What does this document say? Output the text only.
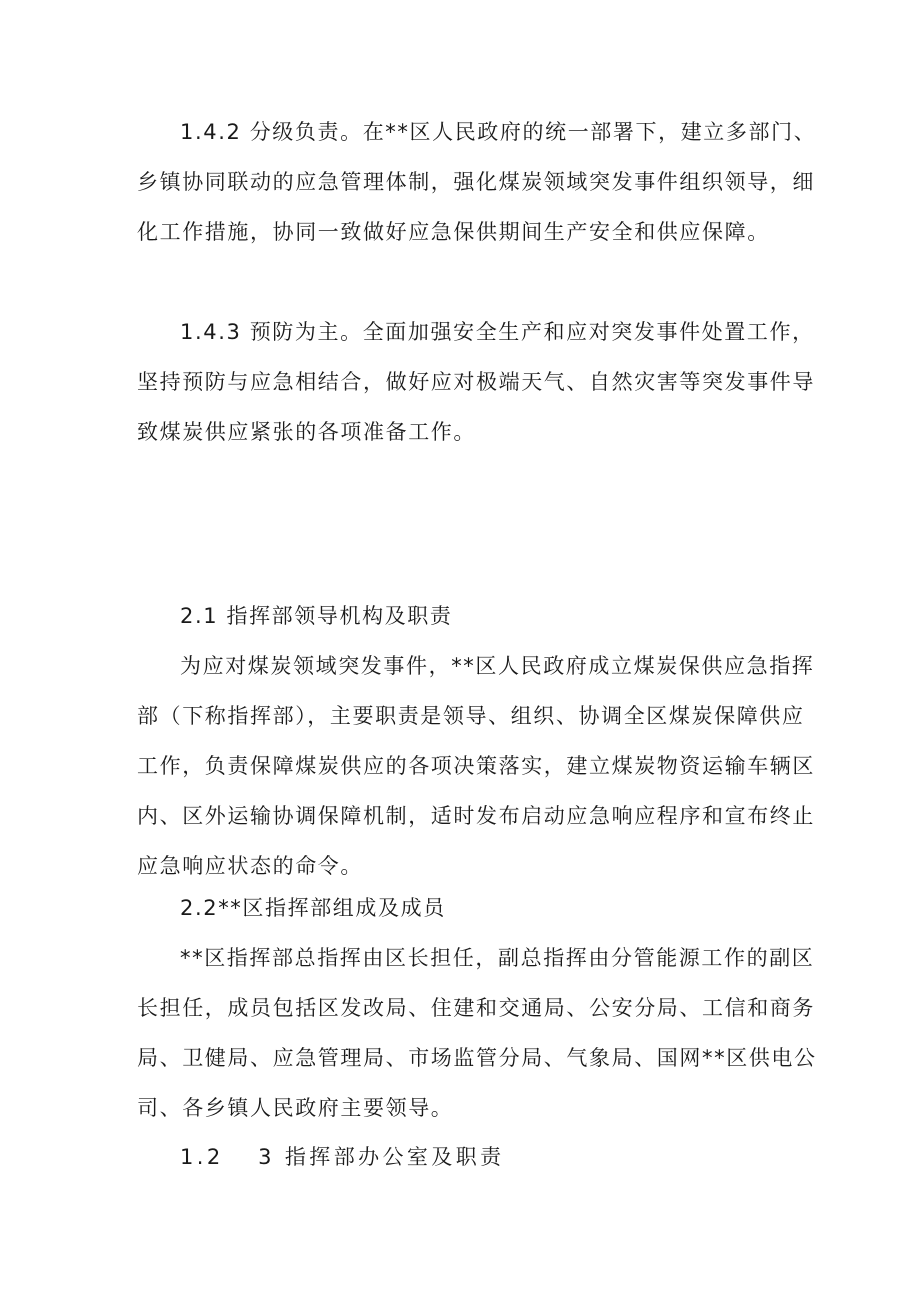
1.4.2 分级负责。在**区人民政府的统一部署下，建立多部门、
乡镇协同联动的应急管理体制，强化煤炭领域突发事件组织领导，细
化工作措施，协同一致做好应急保供期间生产安全和供应保障。
1.4.3 预防为主。全面加强安全生产和应对突发事件处置工作，
坚持预防与应急相结合，做好应对极端天气、自然灾害等突发事件导
致煤炭供应紧张的各项准备工作。
2.1 指挥部领导机构及职责
为应对煤炭领域突发事件，**区人民政府成立煤炭保供应急指挥
部（下称指挥部），主要职责是领导、组织、协调全区煤炭保障供应
工作，负责保障煤炭供应的各项决策落实，建立煤炭物资运输车辆区
内、区外运输协调保障机制，适时发布启动应急响应程序和宣布终止
应急响应状态的命令。
2.2**区指挥部组成及成员
**区指挥部总指挥由区长担任，副总指挥由分管能源工作的副区
长担任，成员包括区发改局、住建和交通局、公安分局、工信和商务
局、卫健局、应急管理局、市场监管分局、气象局、国网**区供电公
司、各乡镇人民政府主要领导。
1.2　 3 指挥部办公室及职责
